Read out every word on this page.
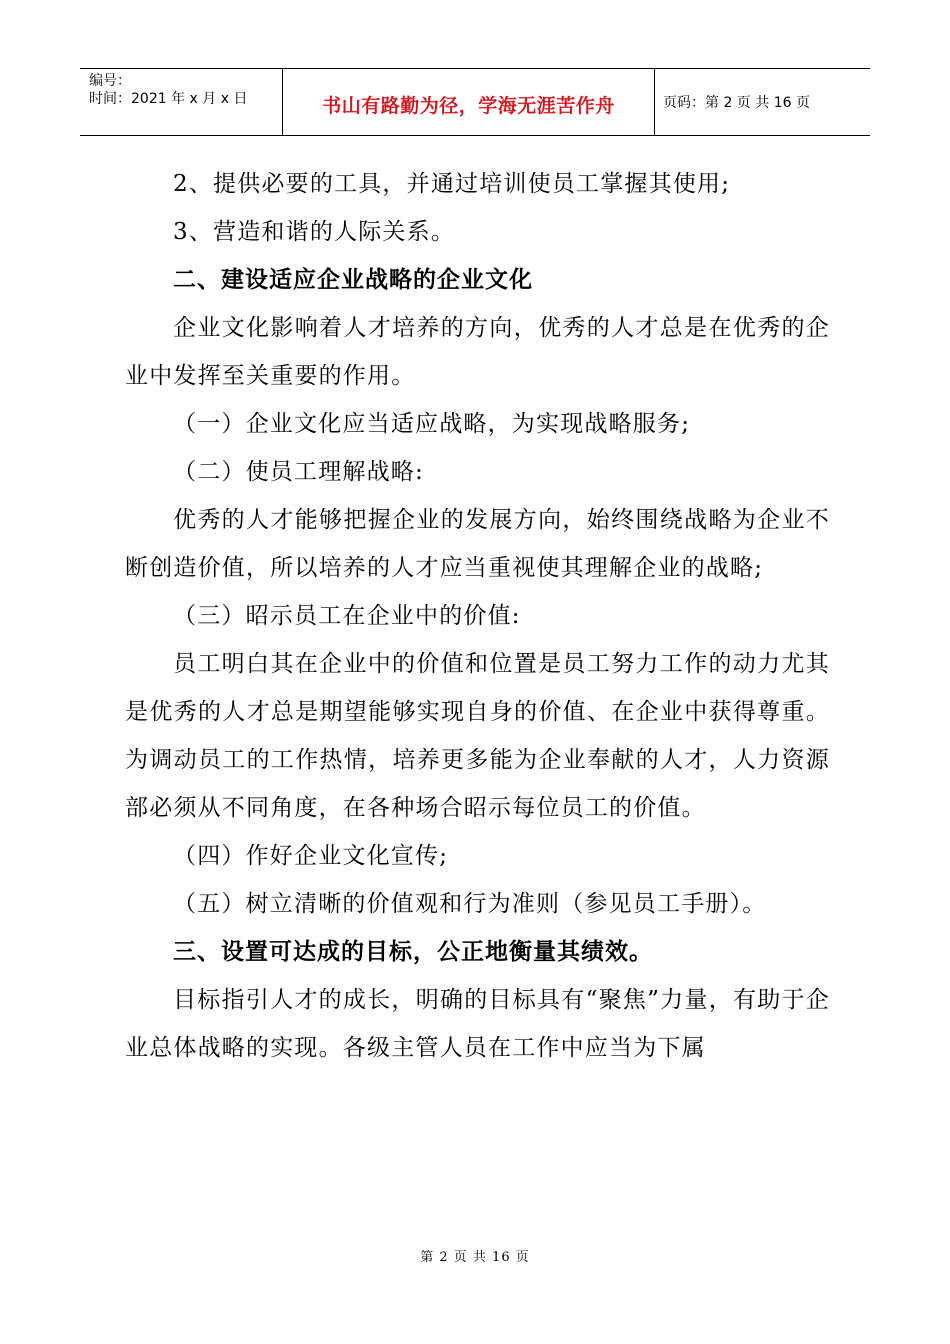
编号：
时间：2021 年 x 月 x 日	书山有路勤为径，学海无涯苦作舟	页码：第 2 页 共 16 页

2、提供必要的工具，并通过培训使员工掌握其使用;

3、营造和谐的人际关系。

二、建设适应企业战略的企业文化

企业文化影响着人才培养的方向，优秀的人才总是在优秀的企业中发挥至关重要的作用。

（一）企业文化应当适应战略，为实现战略服务;

（二）使员工理解战略:

优秀的人才能够把握企业的发展方向，始终围绕战略为企业不断创造价值，所以培养的人才应当重视使其理解企业的战略;

（三）昭示员工在企业中的价值:

员工明白其在企业中的价值和位置是员工努力工作的动力尤其是优秀的人才总是期望能够实现自身的价值、在企业中获得尊重。为调动员工的工作热情，培养更多能为企业奉献的人才，人力资源部必须从不同角度，在各种场合昭示每位员工的价值。

（四）作好企业文化宣传;

（五）树立清晰的价值观和行为准则（参见员工手册）。

三、设置可达成的目标，公正地衡量其绩效。

目标指引人才的成长，明确的目标具有“聚焦”力量，有助于企业总体战略的实现。各级主管人员在工作中应当为下属

第 2 页 共 16 页
